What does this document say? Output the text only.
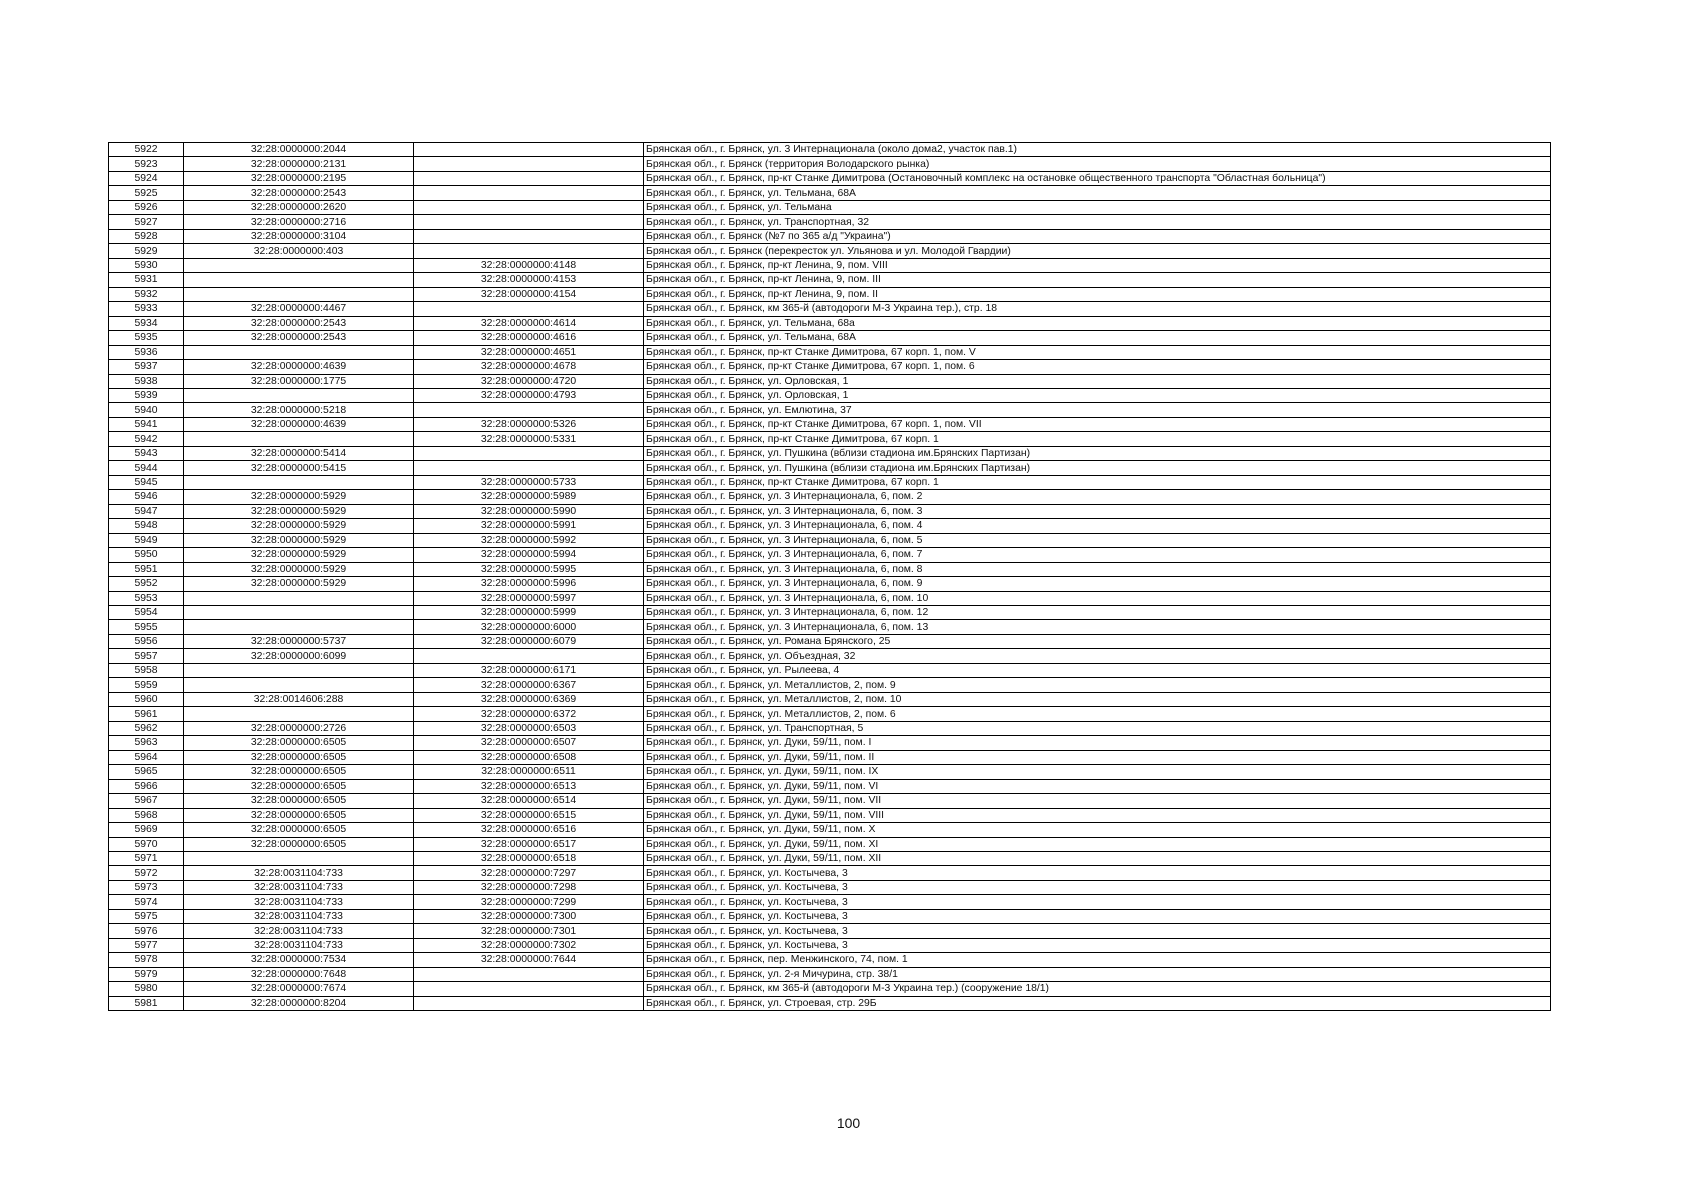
5922	32:28:0000000:2044		Брянская обл., г. Брянск, ул. 3 Интернационала (около дома2, участок пав.1)
5923	32:28:0000000:2131		Брянская обл., г. Брянск (территория Володарского рынка)
5924	32:28:0000000:2195		Брянская обл., г. Брянск, пр-кт Станке Димитрова (Остановочный комплекс на остановке общественного транспорта "Областная больница")
5925	32:28:0000000:2543		Брянская обл., г. Брянск, ул. Тельмана, 68А
5926	32:28:0000000:2620		Брянская обл., г. Брянск, ул. Тельмана
5927	32:28:0000000:2716		Брянская обл., г. Брянск, ул. Транспортная, 32
5928	32:28:0000000:3104		Брянская обл., г. Брянск (№7 по 365 а/д "Украина")
5929	32:28:0000000:403		Брянская обл., г. Брянск (перекресток ул. Ульянова и ул. Молодой Гвардии)
5930		32:28:0000000:4148	Брянская обл., г. Брянск, пр-кт Ленина, 9, пом. VIII
5931		32:28:0000000:4153	Брянская обл., г. Брянск, пр-кт Ленина, 9, пом. III
5932		32:28:0000000:4154	Брянская обл., г. Брянск, пр-кт Ленина, 9, пом. II
5933	32:28:0000000:4467		Брянская обл., г. Брянск, км 365-й (автодороги М-3 Украина тер.), стр. 18
5934	32:28:0000000:2543	32:28:0000000:4614	Брянская обл., г. Брянск, ул. Тельмана, 68а
5935	32:28:0000000:2543	32:28:0000000:4616	Брянская обл., г. Брянск, ул. Тельмана, 68А
5936		32:28:0000000:4651	Брянская обл., г. Брянск, пр-кт Станке Димитрова, 67 корп. 1, пом. V
5937	32:28:0000000:4639	32:28:0000000:4678	Брянская обл., г. Брянск, пр-кт Станке Димитрова, 67 корп. 1, пом. 6
5938	32:28:0000000:1775	32:28:0000000:4720	Брянская обл., г. Брянск, ул. Орловская, 1
5939		32:28:0000000:4793	Брянская обл., г. Брянск, ул. Орловская, 1
5940	32:28:0000000:5218		Брянская обл., г. Брянск, ул. Емлютина, 37
5941	32:28:0000000:4639	32:28:0000000:5326	Брянская обл., г. Брянск, пр-кт Станке Димитрова, 67 корп. 1, пом. VII
5942		32:28:0000000:5331	Брянская обл., г. Брянск, пр-кт Станке Димитрова, 67 корп. 1
5943	32:28:0000000:5414		Брянская обл., г. Брянск, ул. Пушкина (вблизи стадиона им.Брянских Партизан)
5944	32:28:0000000:5415		Брянская обл., г. Брянск, ул. Пушкина (вблизи стадиона им.Брянских Партизан)
5945		32:28:0000000:5733	Брянская обл., г. Брянск, пр-кт Станке Димитрова, 67 корп. 1
5946	32:28:0000000:5929	32:28:0000000:5989	Брянская обл., г. Брянск, ул. 3 Интернационала, 6, пом. 2
5947	32:28:0000000:5929	32:28:0000000:5990	Брянская обл., г. Брянск, ул. 3 Интернационала, 6, пом. 3
5948	32:28:0000000:5929	32:28:0000000:5991	Брянская обл., г. Брянск, ул. 3 Интернационала, 6, пом. 4
5949	32:28:0000000:5929	32:28:0000000:5992	Брянская обл., г. Брянск, ул. 3 Интернационала, 6, пом. 5
5950	32:28:0000000:5929	32:28:0000000:5994	Брянская обл., г. Брянск, ул. 3 Интернационала, 6, пом. 7
5951	32:28:0000000:5929	32:28:0000000:5995	Брянская обл., г. Брянск, ул. 3 Интернационала, 6, пом. 8
5952	32:28:0000000:5929	32:28:0000000:5996	Брянская обл., г. Брянск, ул. 3 Интернационала, 6, пом. 9
5953		32:28:0000000:5997	Брянская обл., г. Брянск, ул. 3 Интернационала, 6, пом. 10
5954		32:28:0000000:5999	Брянская обл., г. Брянск, ул. 3 Интернационала, 6, пом. 12
5955		32:28:0000000:6000	Брянская обл., г. Брянск, ул. 3 Интернационала, 6, пом. 13
5956	32:28:0000000:5737	32:28:0000000:6079	Брянская обл., г. Брянск, ул. Романа Брянского, 25
5957	32:28:0000000:6099		Брянская обл., г. Брянск, ул. Объездная, 32
5958		32:28:0000000:6171	Брянская обл., г. Брянск, ул. Рылеева, 4
5959		32:28:0000000:6367	Брянская обл., г. Брянск, ул. Металлистов, 2, пом. 9
5960	32:28:0014606:288	32:28:0000000:6369	Брянская обл., г. Брянск, ул. Металлистов, 2, пом. 10
5961		32:28:0000000:6372	Брянская обл., г. Брянск, ул. Металлистов, 2, пом. 6
5962	32:28:0000000:2726	32:28:0000000:6503	Брянская обл., г. Брянск, ул. Транспортная, 5
5963	32:28:0000000:6505	32:28:0000000:6507	Брянская обл., г. Брянск, ул. Дуки, 59/11, пом. I
5964	32:28:0000000:6505	32:28:0000000:6508	Брянская обл., г. Брянск, ул. Дуки, 59/11, пом. II
5965	32:28:0000000:6505	32:28:0000000:6511	Брянская обл., г. Брянск, ул. Дуки, 59/11, пом. IX
5966	32:28:0000000:6505	32:28:0000000:6513	Брянская обл., г. Брянск, ул. Дуки, 59/11, пом. VI
5967	32:28:0000000:6505	32:28:0000000:6514	Брянская обл., г. Брянск, ул. Дуки, 59/11, пом. VII
5968	32:28:0000000:6505	32:28:0000000:6515	Брянская обл., г. Брянск, ул. Дуки, 59/11, пом. VIII
5969	32:28:0000000:6505	32:28:0000000:6516	Брянская обл., г. Брянск, ул. Дуки, 59/11, пом. X
5970	32:28:0000000:6505	32:28:0000000:6517	Брянская обл., г. Брянск, ул. Дуки, 59/11, пом. XI
5971		32:28:0000000:6518	Брянская обл., г. Брянск, ул. Дуки, 59/11, пом. XII
5972	32:28:0031104:733	32:28:0000000:7297	Брянская обл., г. Брянск, ул. Костычева, 3
5973	32:28:0031104:733	32:28:0000000:7298	Брянская обл., г. Брянск, ул. Костычева, 3
5974	32:28:0031104:733	32:28:0000000:7299	Брянская обл., г. Брянск, ул. Костычева, 3
5975	32:28:0031104:733	32:28:0000000:7300	Брянская обл., г. Брянск, ул. Костычева, 3
5976	32:28:0031104:733	32:28:0000000:7301	Брянская обл., г. Брянск, ул. Костычева, 3
5977	32:28:0031104:733	32:28:0000000:7302	Брянская обл., г. Брянск, ул. Костычева, 3
5978	32:28:0000000:7534	32:28:0000000:7644	Брянская обл., г. Брянск, пер. Менжинского, 74, пом. 1
5979	32:28:0000000:7648		Брянская обл., г. Брянск, ул. 2-я Мичурина, стр. 38/1
5980	32:28:0000000:7674		Брянская обл., г. Брянск, км 365-й (автодороги М-3 Украина тер.) (сооружение 18/1)
5981	32:28:0000000:8204		Брянская обл., г. Брянск, ул. Строевая, стр. 29Б
100
